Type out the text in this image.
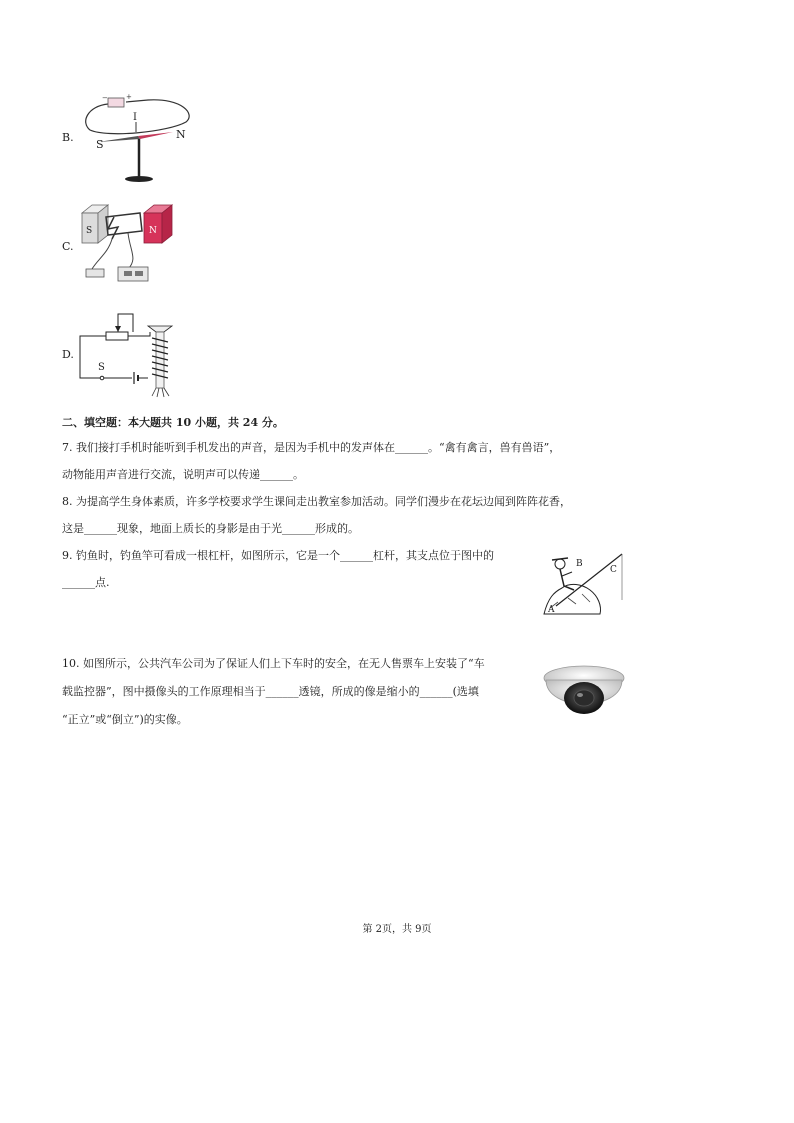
B.
−	+
I
S
N
C.
S	N
D.
S
二、填空题：本大题共 10 小题，共 24 分。
7. 我们接打手机时能听到手机发出的声音，是因为手机中的发声体在______。“禽有禽言，兽有兽语”，
动物能用声音进行交流，说明声可以传递______。
8. 为提高学生身体素质，许多学校要求学生课间走出教室参加活动。同学们漫步在花坛边闻到阵阵花香，
这是______现象，地面上质长的身影是由于光______形成的。
9. 钓鱼时，钓鱼竿可看成一根杠杆，如图所示，它是一个______杠杆，其支点位于图中的
______点.
A
B
C
10. 如图所示，公共汽车公司为了保证人们上下车时的安全，在无人售票车上安装了“车
载监控器”，图中摄像头的工作原理相当于______透镜，所成的像是缩小的______(选填
“正立”或“倒立”)的实像。
第 2页，共 9页
